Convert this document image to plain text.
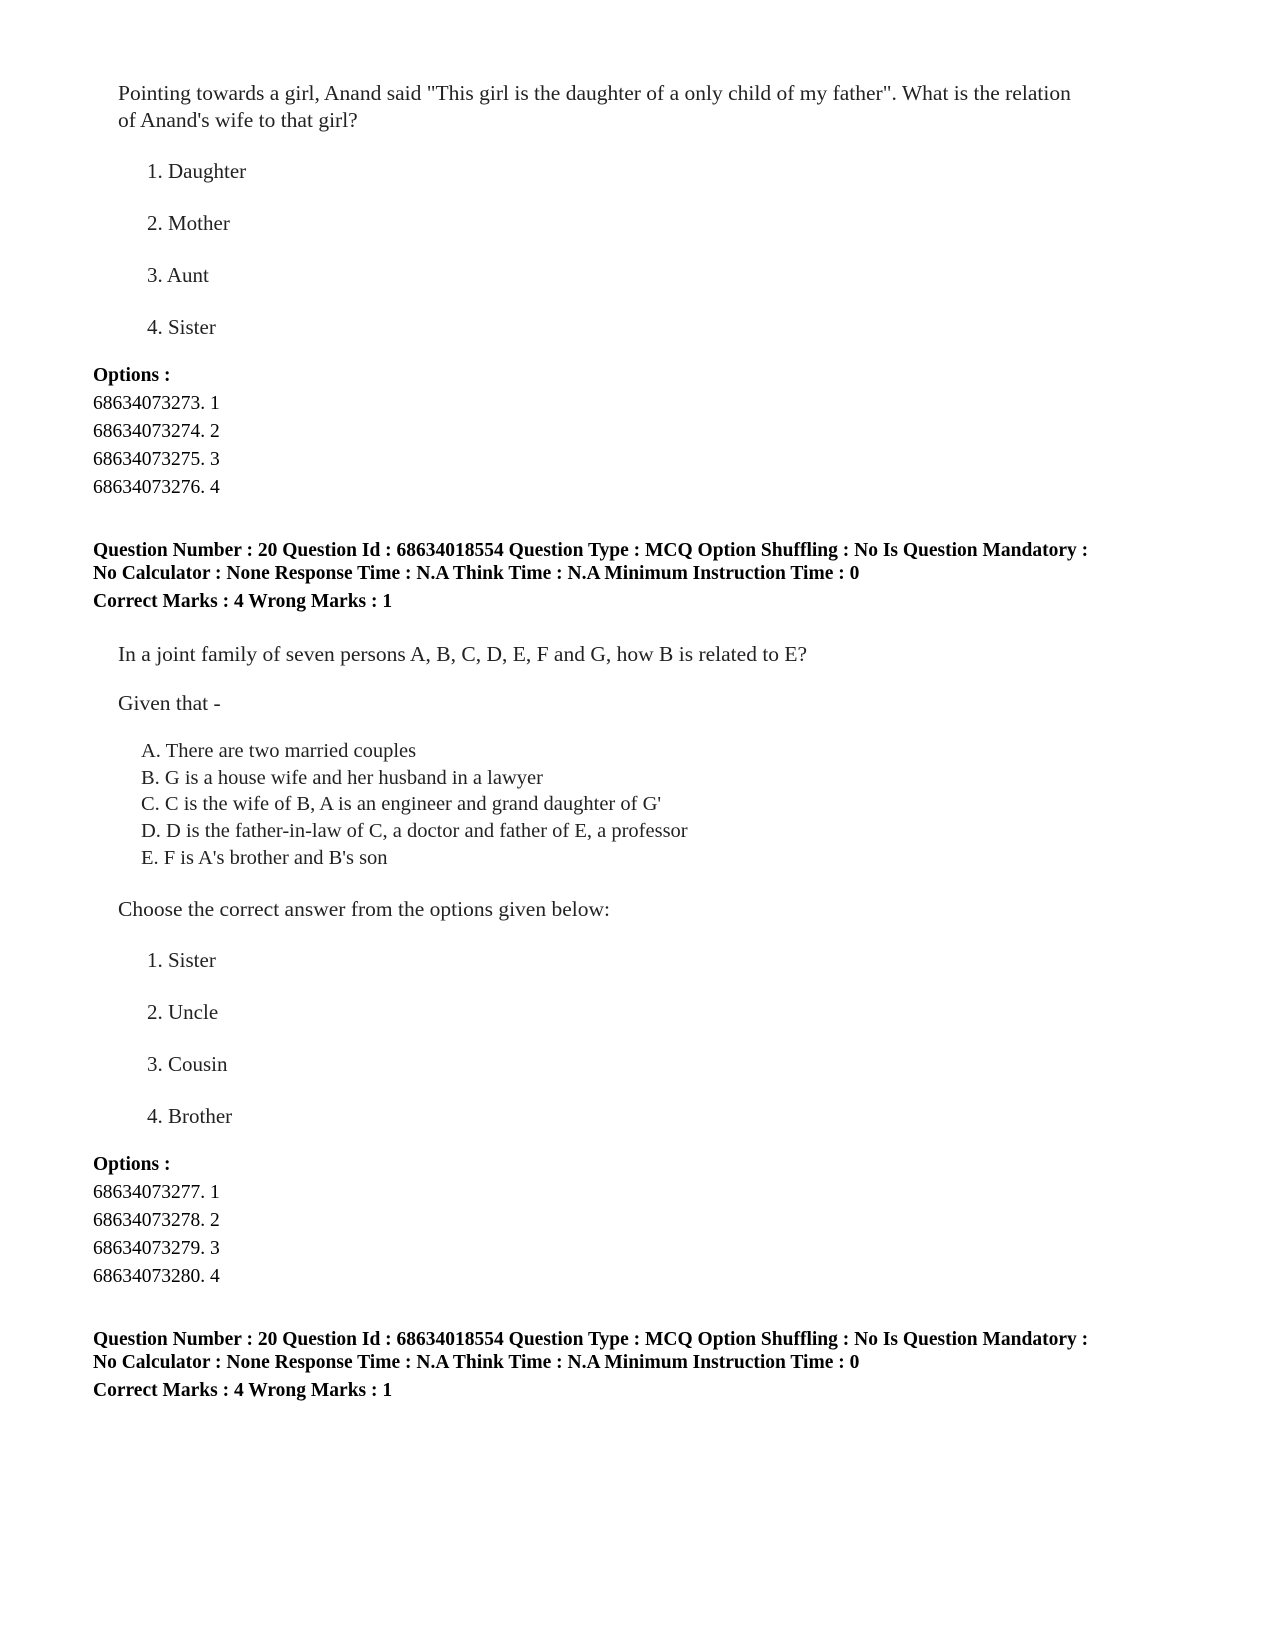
Pointing towards a girl, Anand said "This girl is the daughter of a only child of my father". What is the relation
of Anand's wife to that girl?
1. Daughter
2. Mother
3. Aunt
4. Sister
Options :
68634073273. 1
68634073274. 2
68634073275. 3
68634073276. 4
Question Number : 20 Question Id : 68634018554 Question Type : MCQ Option Shuffling : No Is Question Mandatory :
No Calculator : None Response Time : N.A Think Time : N.A Minimum Instruction Time : 0
Correct Marks : 4 Wrong Marks : 1
In a joint family of seven persons A, B, C, D, E, F and G, how B is related to E?
Given that -
A. There are two married couples
B. G is a house wife and her husband in a lawyer
C. C is the wife of B, A is an engineer and grand daughter of G'
D. D is the father-in-law of C, a doctor and father of E, a professor
E. F is A's brother and B's son
Choose the correct answer from the options given below:
1. Sister
2. Uncle
3. Cousin
4. Brother
Options :
68634073277. 1
68634073278. 2
68634073279. 3
68634073280. 4
Question Number : 20 Question Id : 68634018554 Question Type : MCQ Option Shuffling : No Is Question Mandatory :
No Calculator : None Response Time : N.A Think Time : N.A Minimum Instruction Time : 0
Correct Marks : 4 Wrong Marks : 1
